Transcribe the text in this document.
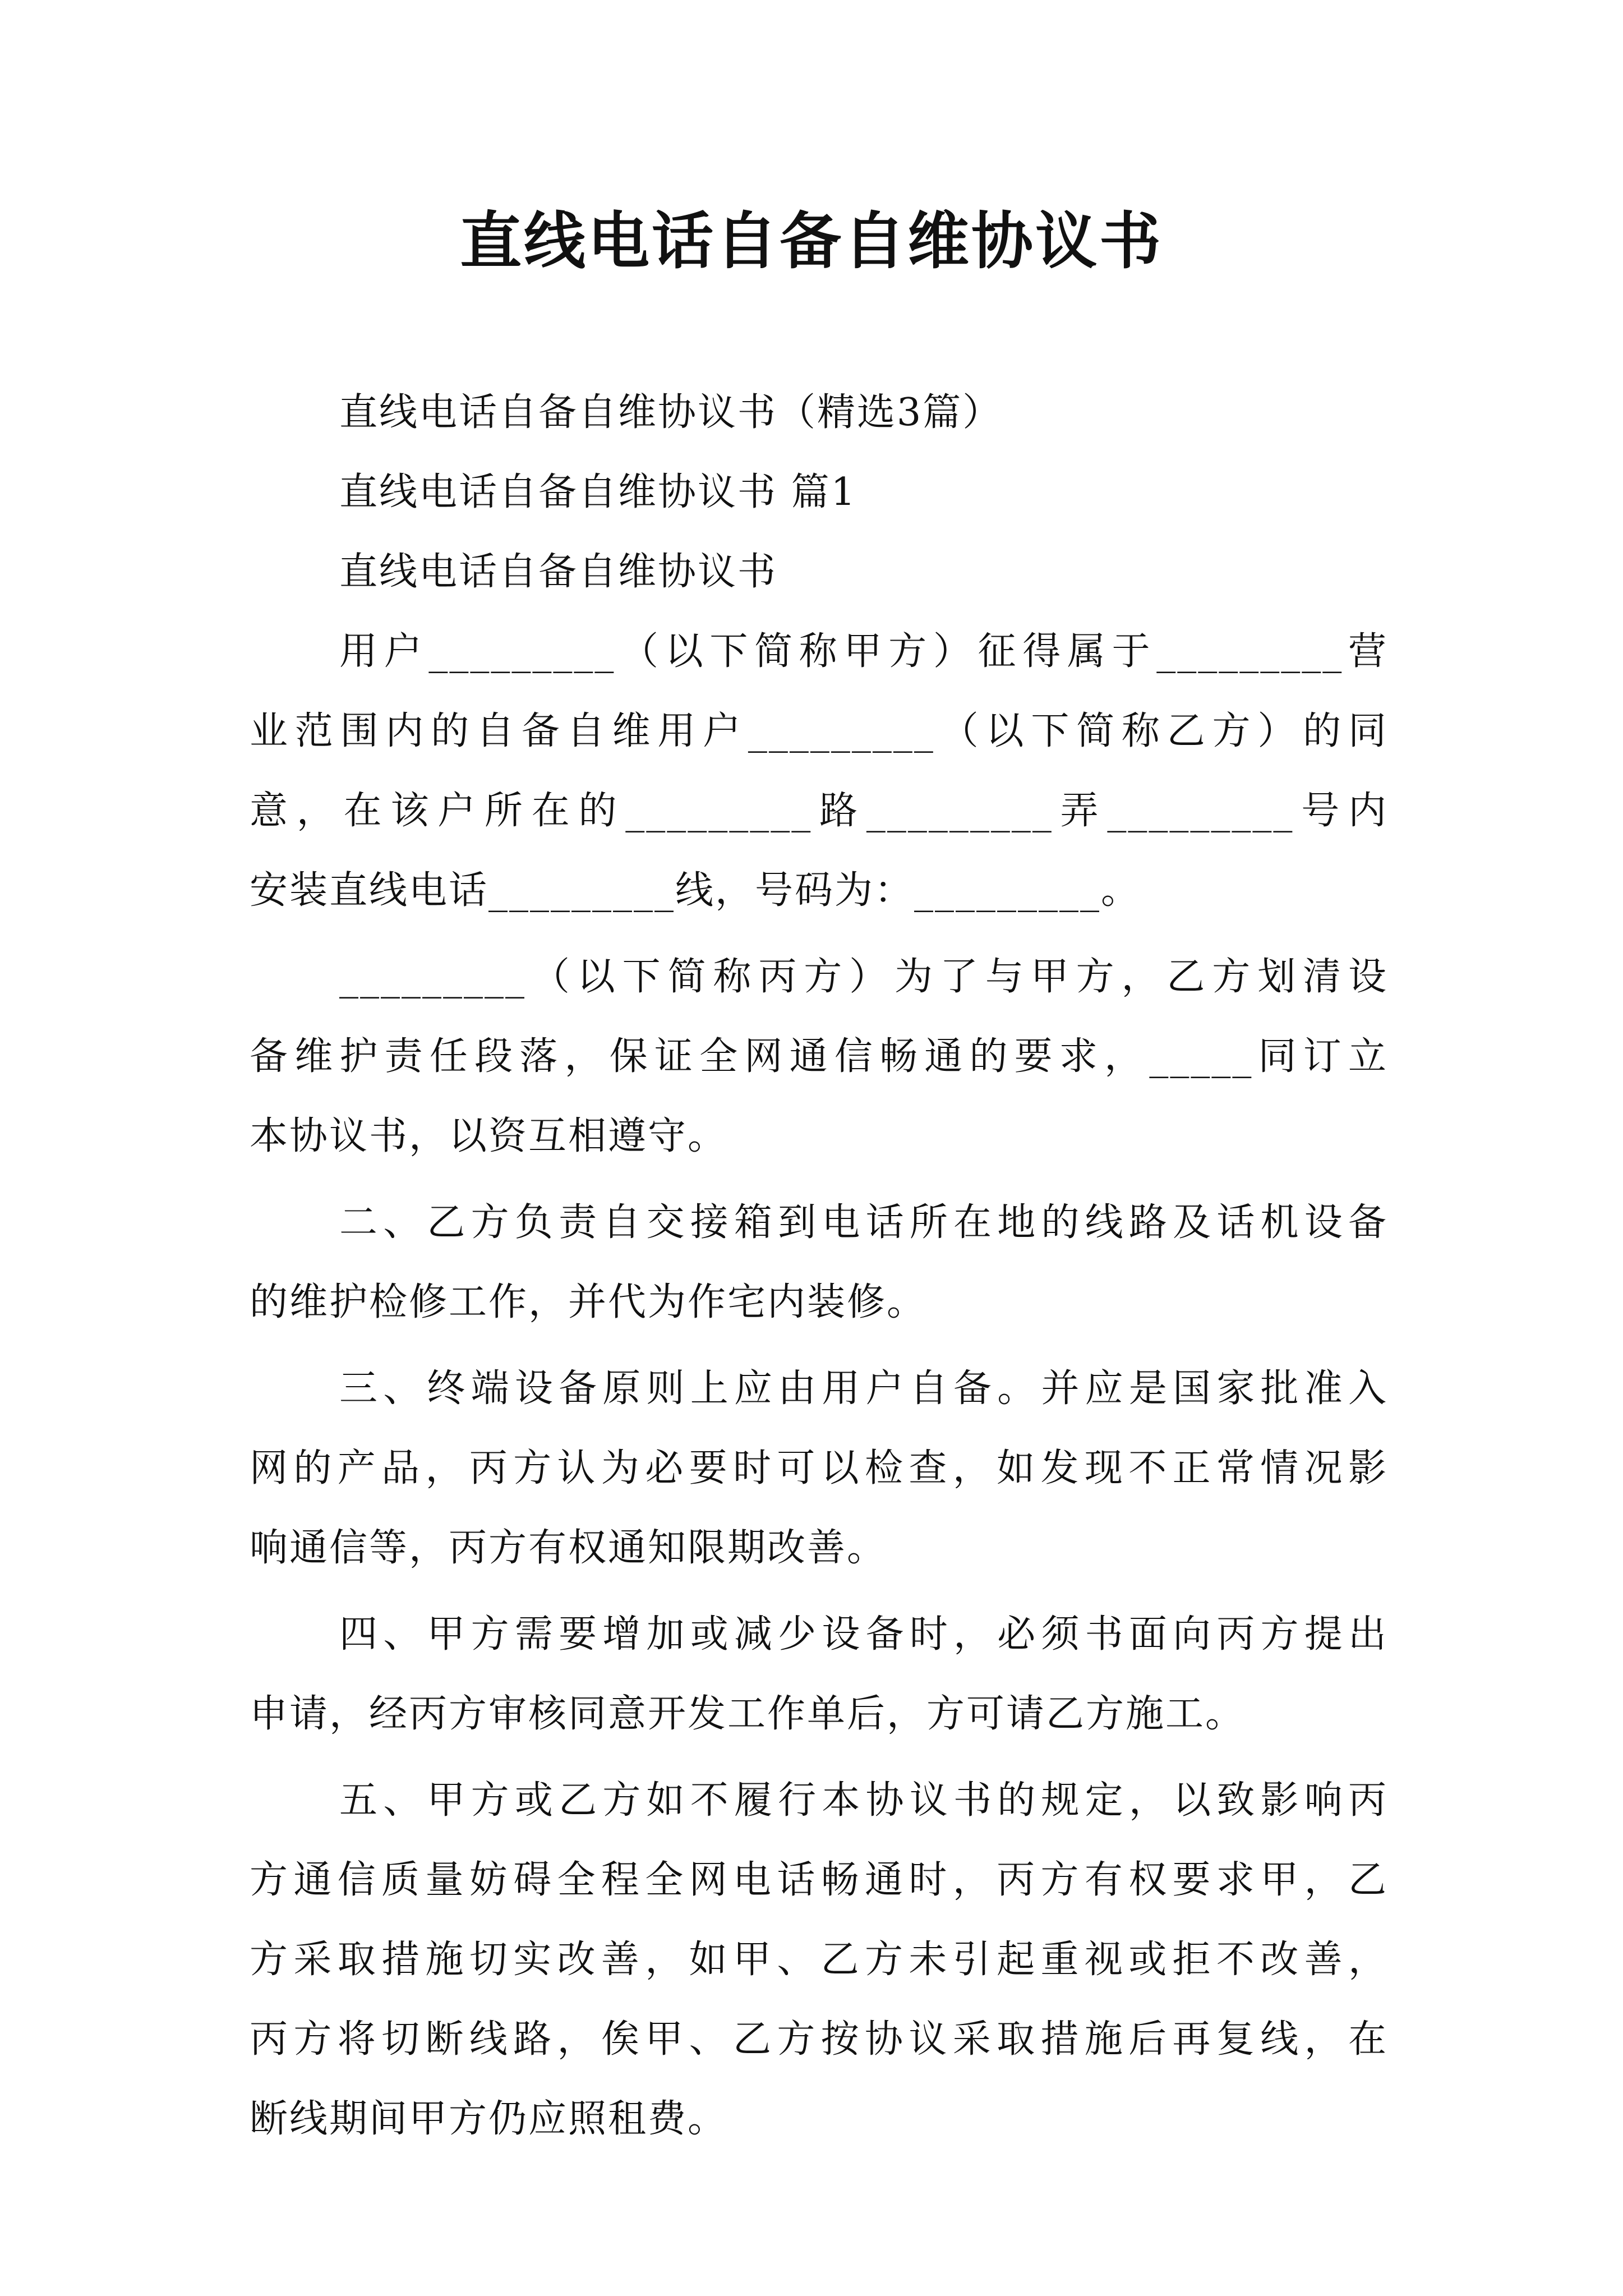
直线电话自备自维协议书
直线电话自备自维协议书（精选3篇）
直线电话自备自维协议书 篇1
直线电话自备自维协议书
用户_________（以下简称甲方）征得属于_________营
业范围内的自备自维用户_________（以下简称乙方）的同
意，在该户所在的_________路_________弄_________号内
安装直线电话_________线，号码为：_________。
_________（以下简称丙方）为了与甲方，乙方划清设
备维护责任段落，保证全网通信畅通的要求，_____同订立
本协议书，以资互相遵守。
二、乙方负责自交接箱到电话所在地的线路及话机设备
的维护检修工作，并代为作宅内装修。
三、终端设备原则上应由用户自备。并应是国家批准入
网的产品，丙方认为必要时可以检查，如发现不正常情况影
响通信等，丙方有权通知限期改善。
四、甲方需要增加或减少设备时，必须书面向丙方提出
申请，经丙方审核同意开发工作单后，方可请乙方施工。
五、甲方或乙方如不履行本协议书的规定，以致影响丙
方通信质量妨碍全程全网电话畅通时，丙方有权要求甲，乙
方采取措施切实改善，如甲、乙方未引起重视或拒不改善，
丙方将切断线路，俟甲、乙方按协议采取措施后再复线，在
断线期间甲方仍应照租费。
